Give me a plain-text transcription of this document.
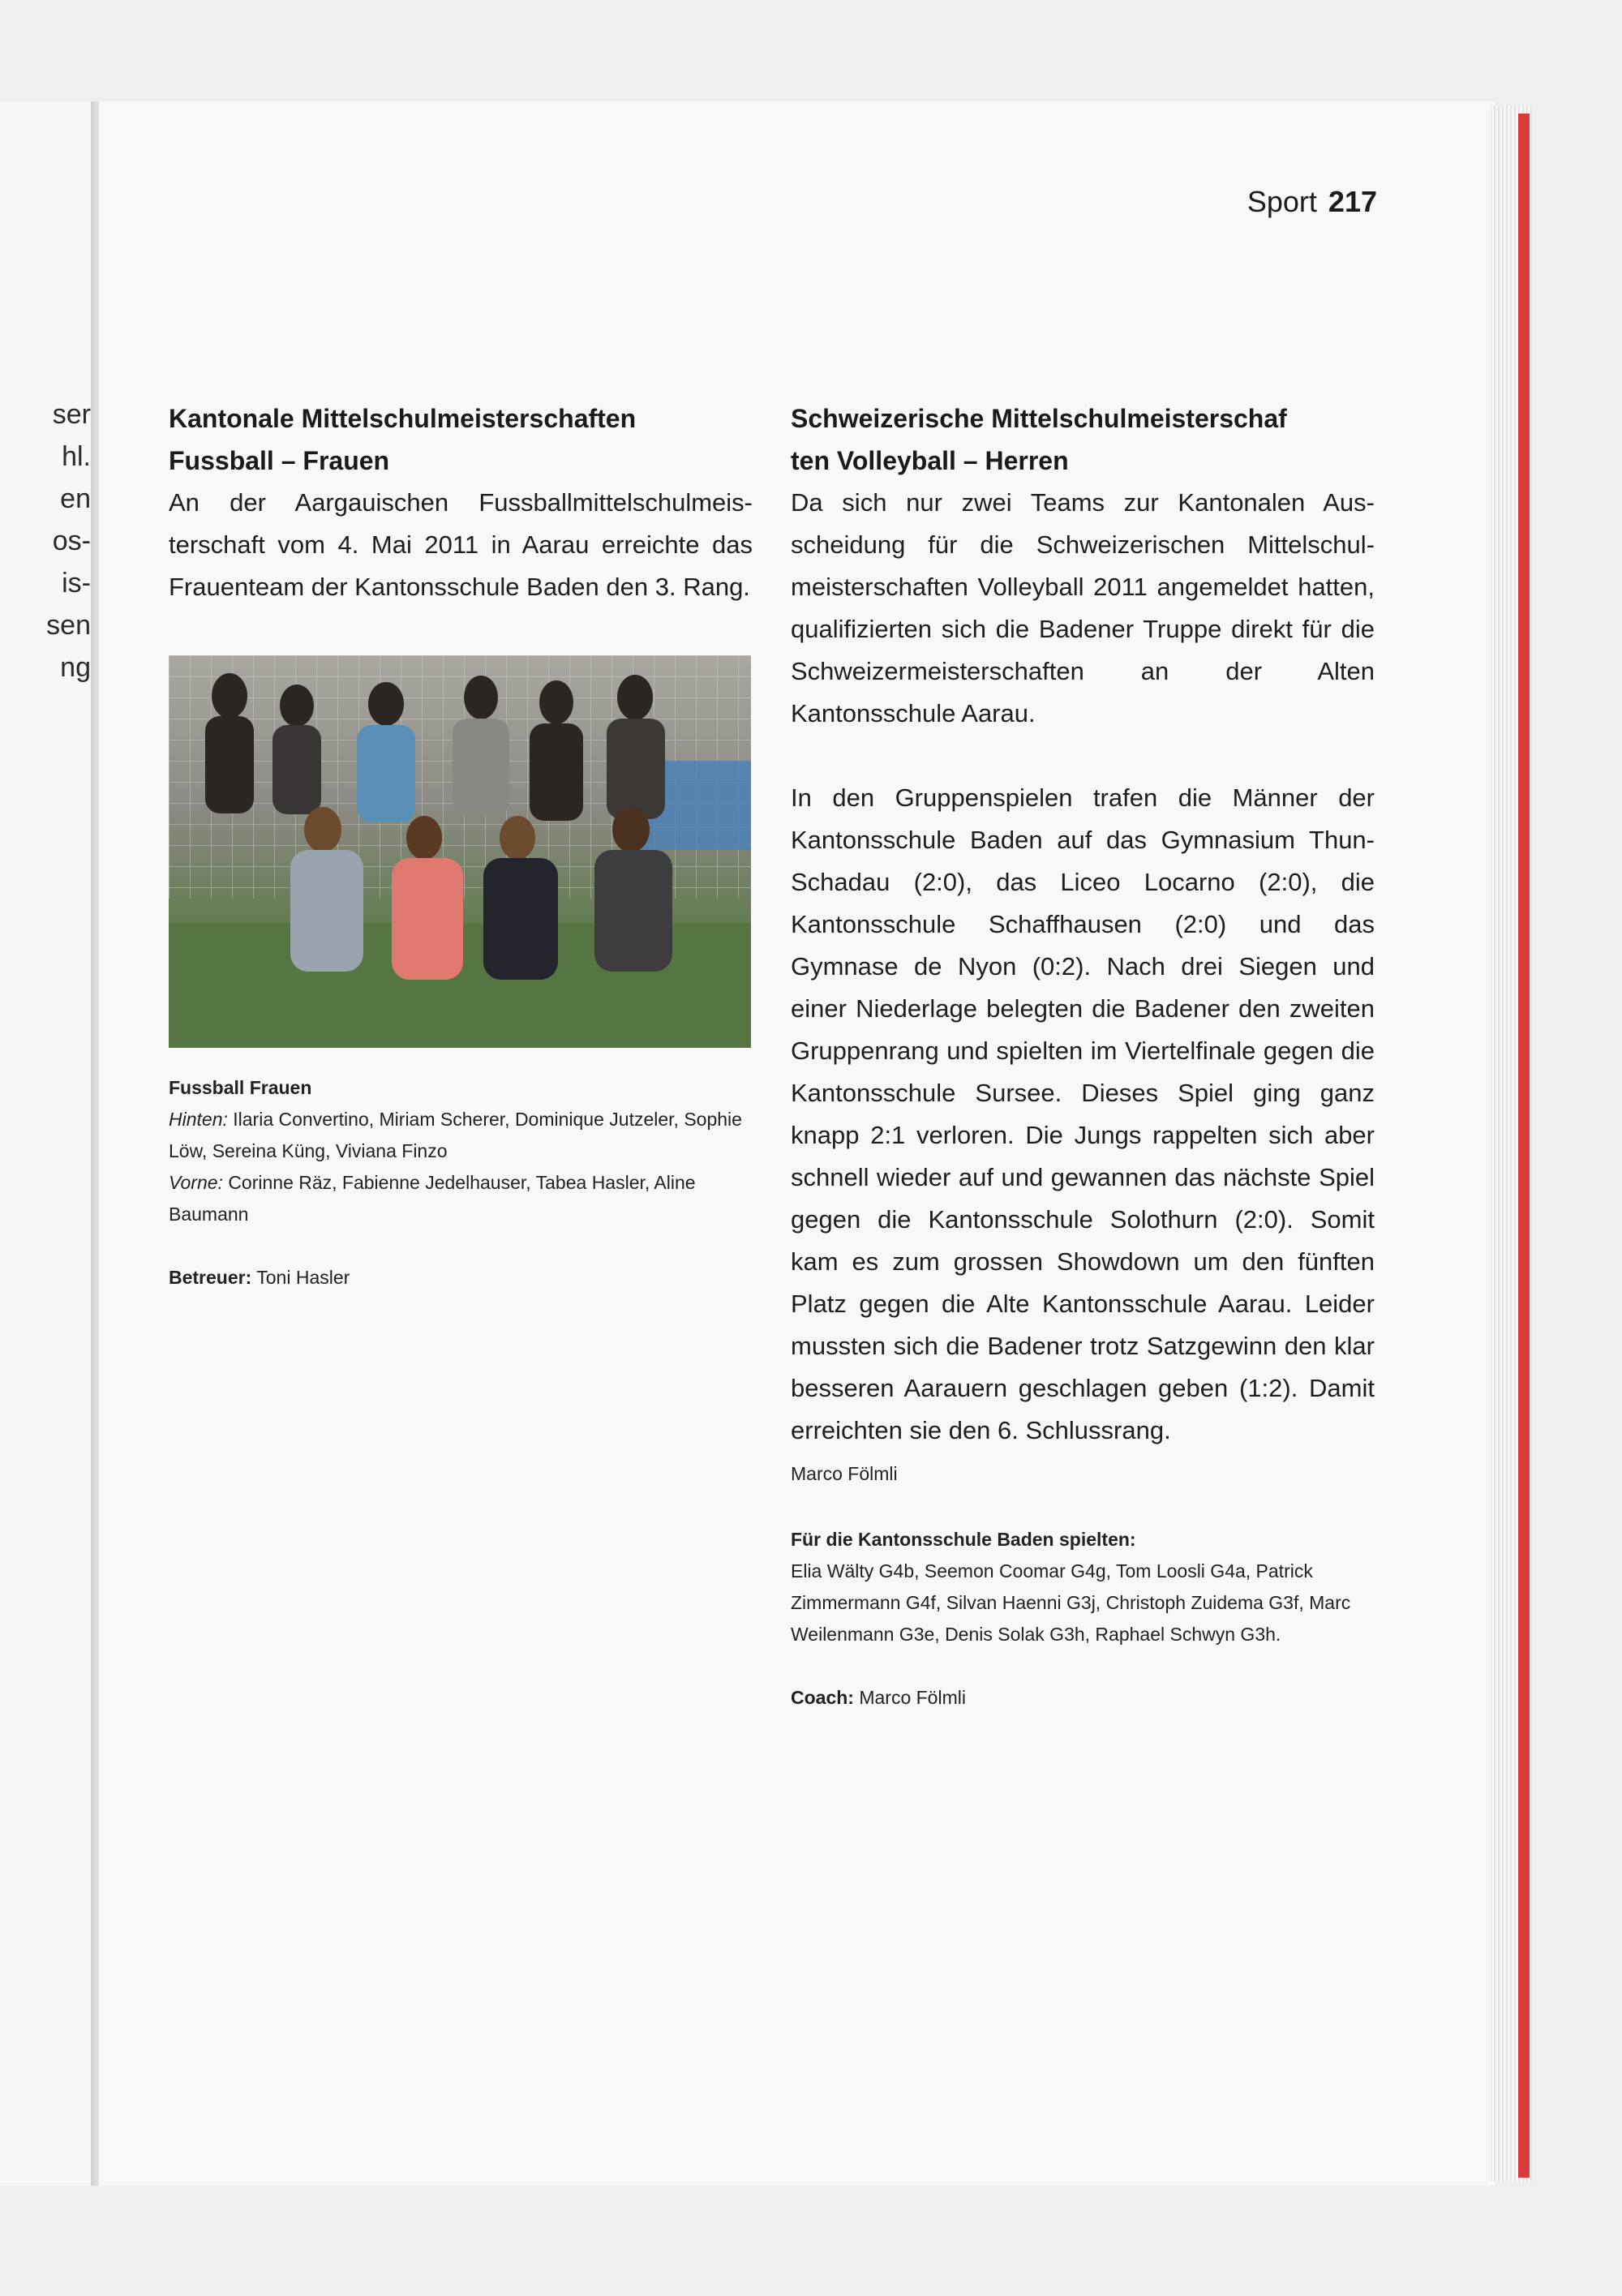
ser
hl.
en
os-
is-
sen
ng
Sport 217
Kantonale Mittelschulmeisterschaften
Fussball – Frauen

An der Aargauischen Fussballmittelschulmeisterschaft vom 4. Mai 2011 in Aarau erreichte das Frauenteam der Kantonsschule Baden den 3. Rang.

Fussball Frauen
Hinten: Ilaria Convertino, Miriam Scherer, Dominique Jutzeler, Sophie Löw, Sereina Küng, Viviana Finzo
Vorne: Corinne Räz, Fabienne Jedelhauser, Tabea Hasler, Aline Baumann
Betreuer: Toni Hasler
Schweizerische Mittelschulmeisterschaf
ten Volleyball – Herren

Da sich nur zwei Teams zur Kantonalen Ausscheidung für die Schweizerischen Mittelschulmeisterschaften Volleyball 2011 angemeldet hatten, qualifizierten sich die Badener Truppe direkt für die Schweizermeisterschaften an der Alten Kantonsschule Aarau.

In den Gruppenspielen trafen die Männer der Kantonsschule Baden auf das Gymnasium Thun-Schadau (2:0), das Liceo Locarno (2:0), die Kantonsschule Schaffhausen (2:0) und das Gymnase de Nyon (0:2). Nach drei Siegen und einer Niederlage belegten die Badener den zweiten Gruppenrang und spielten im Viertelfinale gegen die Kantonsschule Sursee. Dieses Spiel ging ganz knapp 2:1 verloren. Die Jungs rappelten sich aber schnell wieder auf und gewannen das nächste Spiel gegen die Kantonsschule Solothurn (2:0). Somit kam es zum grossen Showdown um den fünften Platz gegen die Alte Kantonsschule Aarau. Leider mussten sich die Badener trotz Satzgewinn den klar besseren Aarauern geschlagen geben (1:2). Damit erreichten sie den 6. Schlussrang.

Marco Fölmli
Für die Kantonsschule Baden spielten:
Elia Wälty G4b, Seemon Coomar G4g, Tom Loosli G4a, Patrick Zimmermann G4f, Silvan Haenni G3j, Christoph Zuidema G3f, Marc Weilenmann G3e, Denis Solak G3h, Raphael Schwyn G3h.
Coach: Marco Fölmli
